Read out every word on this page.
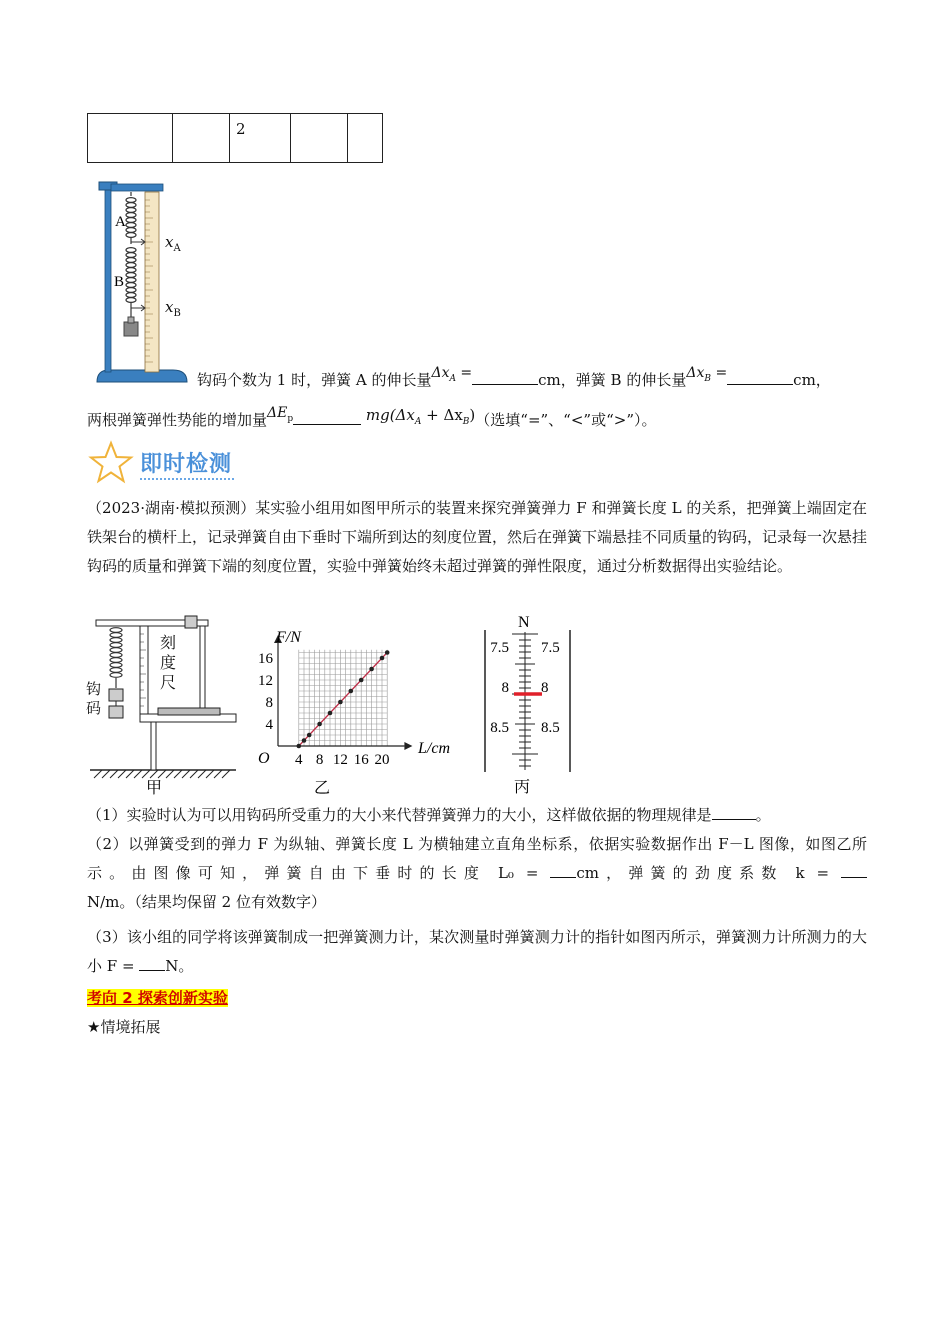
		2		
A
B
$x_A$
$x_B$
钩码个数为 1 时，弹簧 A 的伸长量$\Delta x_A$ =	cm，弹簧 B 的伸长量$\Delta x_B$ =	cm，
两根弹簧弹性势能的增加量$\Delta E_p$	$mg(\Delta x_A + \Delta x_B)$（选填“=”、“<”或“>”）。
即时检测
（2023·湖南·模拟预测）某实验小组用如图甲所示的装置来探究弹簧弹力 F 和弹簧长度 L 的关系，把弹簧上端固定在铁架台的横杆上，记录弹簧自由下垂时下端所到达的刻度位置，然后在弹簧下端悬挂不同质量的钩码，记录每一次悬挂钩码的质量和弹簧下端的刻度位置，实验中弹簧始终未超过弹簧的弹性限度，通过分析数据得出实验结论。
甲
刻度尺
钩码
4 8 12 16 20
4
8
12
16
F/N
L/cm
O
乙
N
7.5 7.5
8 8
8.5 8.5
丙
（1）实验时认为可以用钩码所受重力的大小来代替弹簧弹力的大小，这样做依据的物理规律是	。
（2）以弹簧受到的弹力 F 为纵轴、弹簧长度 L 为横轴建立直角坐标系，依据实验数据作出 F－L 图像，如图乙所示。由图像可知，弹簧自由下垂时的长度 L₀ =	cm，弹簧的劲度系数 k = N/m。（结果均保留 2 位有效数字）
（3）该小组的同学将该弹簧制成一把弹簧测力计，某次测量时弹簧测力计的指针如图丙所示，弹簧测力计所测力的大小 F = N。
考向 2 探索创新实验
★情境拓展
